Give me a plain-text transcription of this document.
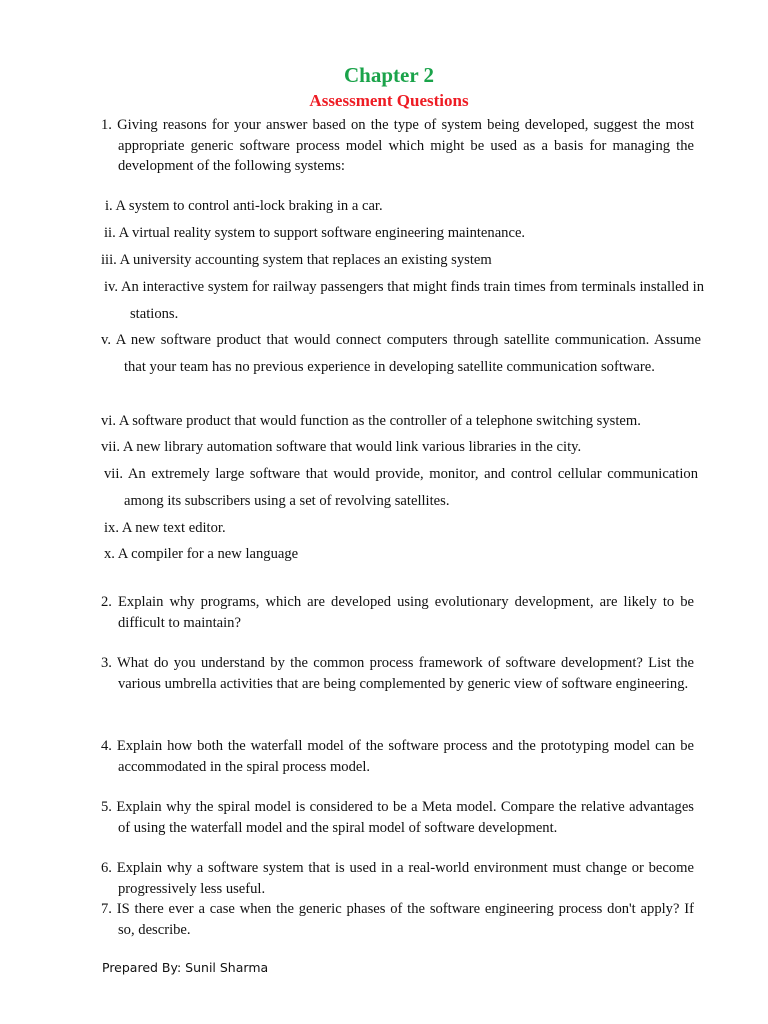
Chapter 2
Assessment Questions
1. Giving reasons for your answer based on the type of system being developed, suggest the most appropriate generic software process model which might be used as a basis for managing the development of the following systems:
i. A system to control anti-lock braking in a car.
ii. A virtual reality system to support software engineering maintenance.
iii. A university accounting system that replaces an existing system
iv. An interactive system for railway passengers that might finds train times from terminals installed in stations.
v. A new software product that would connect computers through satellite communication. Assume that your team has no previous experience in developing satellite communication software.
vi. A software product that would function as the controller of a telephone switching system.
vii. A new library automation software that would link various libraries in the city.
vii. An extremely large software that would provide, monitor, and control cellular communication among its subscribers using a set of revolving satellites.
ix. A new text editor.
x. A compiler for a new language
2. Explain why programs, which are developed using evolutionary development, are likely to be difficult to maintain?
3. What do you understand by the common process framework of software development? List the various umbrella activities that are being complemented by generic view of software engineering.
4. Explain how both the waterfall model of the software process and the prototyping model can be accommodated in the spiral process model.
5. Explain why the spiral model is considered to be a Meta model. Compare the relative advantages of using the waterfall model and the spiral model of software development.
6. Explain why a software system that is used in a real-world environment must change or become progressively less useful.
7. IS there ever a case when the generic phases of the software engineering process don't apply? If so, describe.
Prepared By: Sunil Sharma
